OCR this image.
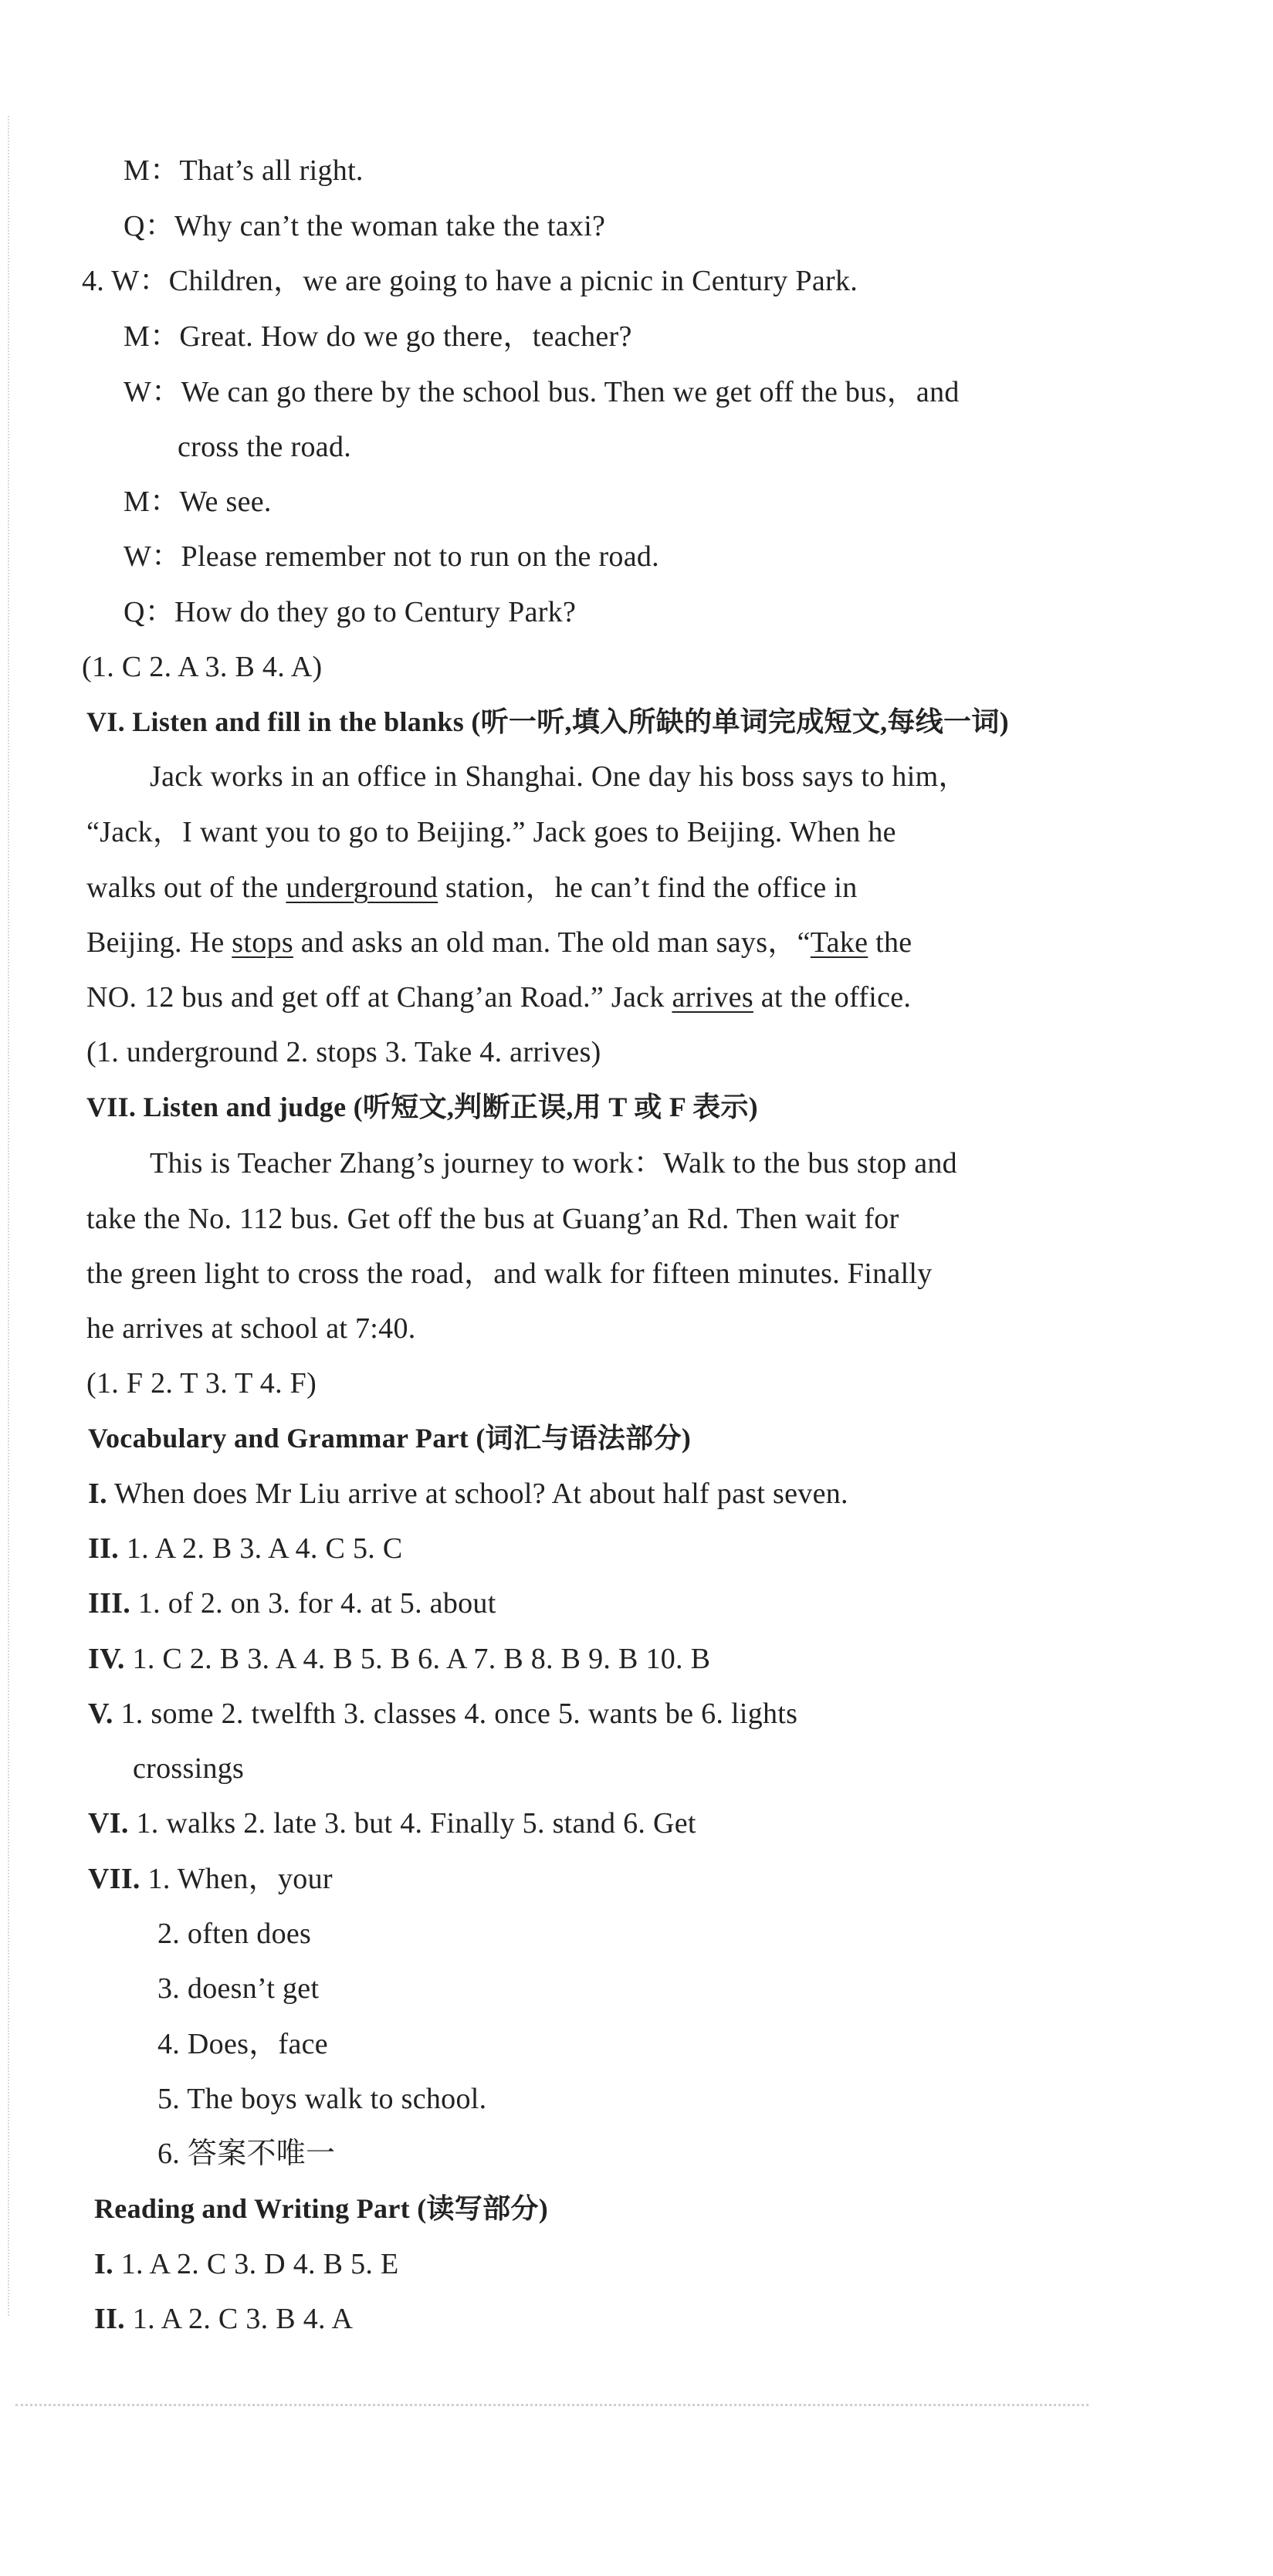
M：That’s all right.
Q：Why can’t the woman take the taxi?
4. W：Children，we are going to have a picnic in Century Park.
M：Great. How do we go there，teacher?
W：We can go there by the school bus. Then we get off the bus，and
cross the road.
M：We see.
W：Please remember not to run on the road.
Q：How do they go to Century Park?
(1. C 2. A 3. B 4. A)
VI. Listen and fill in the blanks (听一听,填入所缺的单词完成短文,每线一词)
Jack works in an office in Shanghai. One day his boss says to him，
“Jack，I want you to go to Beijing.” Jack goes to Beijing. When he
walks out of the underground station，he can’t find the office in
Beijing. He stops and asks an old man. The old man says，“Take the
NO. 12 bus and get off at Chang’an Road.” Jack arrives at the office.
(1. underground 2. stops 3. Take 4. arrives)
VII. Listen and judge (听短文,判断正误,用 T 或 F 表示)
This is Teacher Zhang’s journey to work：Walk to the bus stop and
take the No. 112 bus. Get off the bus at Guang’an Rd. Then wait for
the green light to cross the road，and walk for fifteen minutes. Finally
he arrives at school at 7:40.
(1. F 2. T 3. T 4. F)
Vocabulary and Grammar Part (词汇与语法部分)
I. When does Mr Liu arrive at school? At about half past seven.
II. 1. A 2. B 3. A 4. C 5. C
III. 1. of 2. on 3. for 4. at 5. about
IV. 1. C 2. B 3. A 4. B 5. B 6. A 7. B 8. B 9. B 10. B
V. 1. some 2. twelfth 3. classes 4. once 5. wants be 6. lights
crossings
VI. 1. walks 2. late 3. but 4. Finally 5. stand 6. Get
VII. 1. When，your
2. often does
3. doesn’t get
4. Does，face
5. The boys walk to school.
6. 答案不唯一
Reading and Writing Part (读写部分)
I. 1. A 2. C 3. D 4. B 5. E
II. 1. A 2. C 3. B 4. A
